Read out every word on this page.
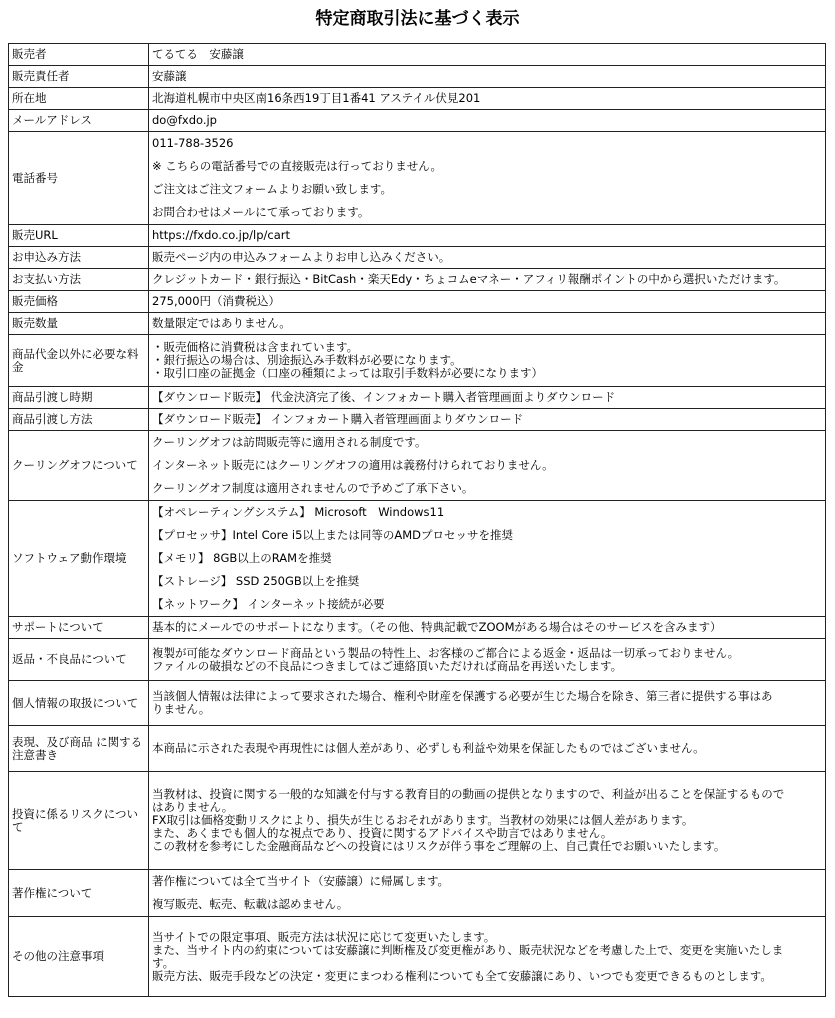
特定商取引法に基づく表示
販売者	てるてる　安藤譲

販売責任者	安藤譲

所在地	北海道札幌市中央区南16条西19丁目1番41 アステイル伏見201

メールアドレス	do@fxdo.jp

電話番号	011-788-3526
※ こちらの電話番号での直接販売は行っておりません。
ご注文はご注文フォームよりお願い致します。
お問合わせはメールにて承っております。

販売URL	https://fxdo.co.jp/lp/cart

お申込み方法	販売ページ内の申込みフォームよりお申し込みください。

お支払い方法	クレジットカード・銀行振込・BitCash・楽天Edy・ちょコムeマネー・アフィリ報酬ポイントの中から選択いただけます。

販売価格	275,000円（消費税込）

販売数量	数量限定ではありません。

商品代金以外に必要な料金	・販売価格に消費税は含まれています。
・銀行振込の場合は、別途振込み手数料が必要になります。
・取引口座の証拠金（口座の種類によっては取引手数料が必要になります）

商品引渡し時期	【ダウンロード販売】 代金決済完了後、インフォカート購入者管理画面よりダウンロード

商品引渡し方法	【ダウンロード販売】 インフォカート購入者管理画面よりダウンロード

クーリングオフについて	クーリングオフは訪問販売等に適用される制度です。
インターネット販売にはクーリングオフの適用は義務付けられておりません。
クーリングオフ制度は適用されませんので予めご了承下さい。

ソフトウェア動作環境	【オペレーティングシステム】 Microsoft　Windows11
【プロセッサ】Intel Core i5以上または同等のAMDプロセッサを推奨
【メモリ】 8GB以上のRAMを推奨
【ストレージ】 SSD 250GB以上を推奨
【ネットワーク】 インターネット接続が必要

サポートについて	基本的にメールでのサポートになります。（その他、特典記載でZOOMがある場合はそのサービスを含みます）

返品・不良品について	複製が可能なダウンロード商品という製品の特性上、お客様のご都合による返金・返品は一切承っておりません。
ファイルの破損などの不良品につきましてはご連絡頂いただければ商品を再送いたします。

個人情報の取扱について	当該個人情報は法律によって要求された場合、権利や財産を保護する必要が生じた場合を除き、第三者に提供する事はあ
りません。

表現、及び商品 に関する注意書き	本商品に示された表現や再現性には個人差があり、必ずしも利益や効果を保証したものではございません。

投資に係るリスクについて	当教材は、投資に関する一般的な知識を付与する教育目的の動画の提供となりますので、利益が出ることを保証するもので
はありません。
FX取引は価格変動リスクにより、損失が生じるおそれがあります。当教材の効果には個人差があります。
また、あくまでも個人的な視点であり、投資に関するアドバイスや助言ではありません。
この教材を参考にした金融商品などへの投資にはリスクが伴う事をご理解の上、自己責任でお願いいたします。

著作権について	著作権については全て当サイト（安藤譲）に帰属します。
複写販売、転売、転載は認めません。

その他の注意事項	当サイトでの限定事項、販売方法は状況に応じて変更いたします。
また、当サイト内の約束については安藤譲に判断権及び変更権があり、販売状況などを考慮した上で、変更を実施いたしま
す。
販売方法、販売手段などの決定・変更にまつわる権利についても全て安藤譲にあり、いつでも変更できるものとします。
